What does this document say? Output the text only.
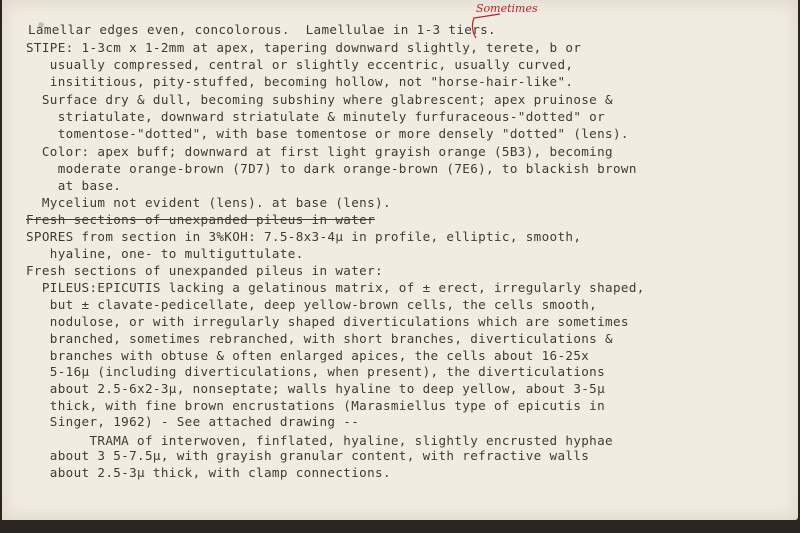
Sometimes
Lamellar edges even, concolorous.  Lamellulae in 1-3 tiers.
STIPE: 1-3cm x 1-2mm at apex, tapering downward slightly, terete, b or
usually compressed, central or slightly eccentric, usually curved,
insititious, pity-stuffed, becoming hollow, not "horse-hair-like".
Surface dry & dull, becoming subshiny where glabrescent; apex pruinose &
striatulate, downward striatulate & minutely furfuraceous-"dotted" or
tomentose-"dotted", with base tomentose or more densely "dotted" (lens).
Color: apex buff; downward at first light grayish orange (5B3), becoming
moderate orange-brown (7D7) to dark orange-brown (7E6), to blackish brown
at base.
Mycelium not evident (lens). at base (lens).
Fresh sections of unexpanded pileus in water
SPORES from section in 3%KOH: 7.5-8x3-4µ in profile, elliptic, smooth,
hyaline, one- to multiguttulate.
Fresh sections of unexpanded pileus in water:
PILEUS:EPICUTIS lacking a gelatinous matrix, of ± erect, irregularly shaped,
but ± clavate-pedicellate, deep yellow-brown cells, the cells smooth,
nodulose, or with irregularly shaped diverticulations which are sometimes
branched, sometimes rebranched, with short branches, diverticulations &
branches with obtuse & often enlarged apices, the cells about 16-25x
5-16µ (including diverticulations, when present), the diverticulations
about 2.5-6x2-3µ, nonseptate; walls hyaline to deep yellow, about 3-5µ
thick, with fine brown encrustations (Marasmiellus type of epicutis in
Singer, 1962) - See attached drawing --
TRAMA of interwoven, finflated, hyaline, slightly encrusted hyphae
about 3 5-7.5µ, with grayish granular content, with refractive walls
about 2.5-3µ thick, with clamp connections.
